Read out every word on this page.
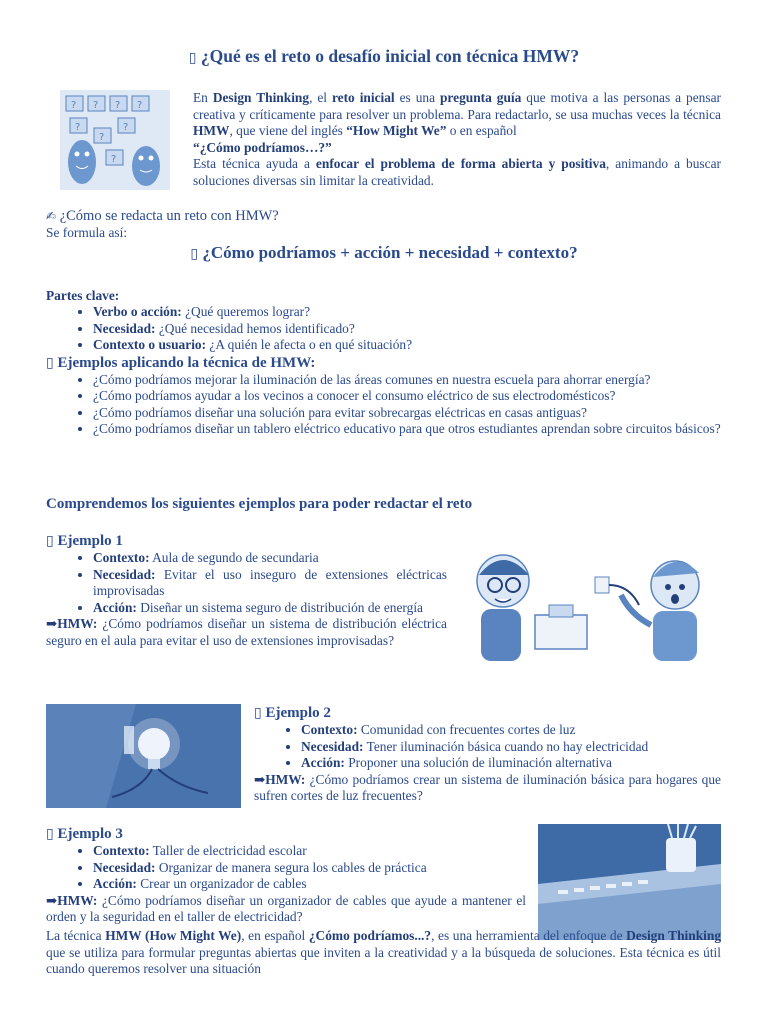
▯ ¿Qué es el reto o desafío inicial con técnica HMW?
? ? ? ?
?
?
?
?
En Design Thinking, el reto inicial es una pregunta guía que motiva a las personas a pensar creativa y críticamente para resolver un problema. Para redactarlo, se usa muchas veces la técnica HMW, que viene del inglés “How Might We” o en español
“¿Cómo podríamos…?”
Esta técnica ayuda a enfocar el problema de forma abierta y positiva, animando a buscar soluciones diversas sin limitar la creatividad.
✍ ¿Cómo se redacta un reto con HMW?
Se formula así:
▯ ¿Cómo podríamos + acción + necesidad + contexto?
Partes clave:
• Verbo o acción: ¿Qué queremos lograr?
• Necesidad: ¿Qué necesidad hemos identificado?
• Contexto o usuario: ¿A quién le afecta o en qué situación?
▯ Ejemplos aplicando la técnica de HMW:
• ¿Cómo podríamos mejorar la iluminación de las áreas comunes en nuestra escuela para ahorrar energía?
• ¿Cómo podríamos ayudar a los vecinos a conocer el consumo eléctrico de sus electrodomésticos?
• ¿Cómo podríamos diseñar una solución para evitar sobrecargas eléctricas en casas antiguas?
• ¿Cómo podríamos diseñar un tablero eléctrico educativo para que otros estudiantes aprendan sobre circuitos básicos?
Comprendemos los siguientes ejemplos para poder redactar el reto
▯ Ejemplo 1
• Contexto: Aula de segundo de secundaria
• Necesidad: Evitar el uso inseguro de extensiones eléctricas improvisadas
• Acción: Diseñar un sistema seguro de distribución de energía
➡HMW: ¿Cómo podríamos diseñar un sistema de distribución eléctrica seguro en el aula para evitar el uso de extensiones improvisadas?
▯ Ejemplo 2
• Contexto: Comunidad con frecuentes cortes de luz
• Necesidad: Tener iluminación básica cuando no hay electricidad
• Acción: Proponer una solución de iluminación alternativa
➡HMW: ¿Cómo podríamos crear un sistema de iluminación básica para hogares que sufren cortes de luz frecuentes?
▯ Ejemplo 3
• Contexto: Taller de electricidad escolar
• Necesidad: Organizar de manera segura los cables de práctica
• Acción: Crear un organizador de cables
➡HMW: ¿Cómo podríamos diseñar un organizador de cables que ayude a mantener el orden y la seguridad en el taller de electricidad?
La técnica HMW (How Might We), en español ¿Cómo podríamos...?, es una herramienta del enfoque de Design Thinking que se utiliza para formular preguntas abiertas que inviten a la creatividad y a la búsqueda de soluciones. Esta técnica es útil cuando queremos resolver una situación
